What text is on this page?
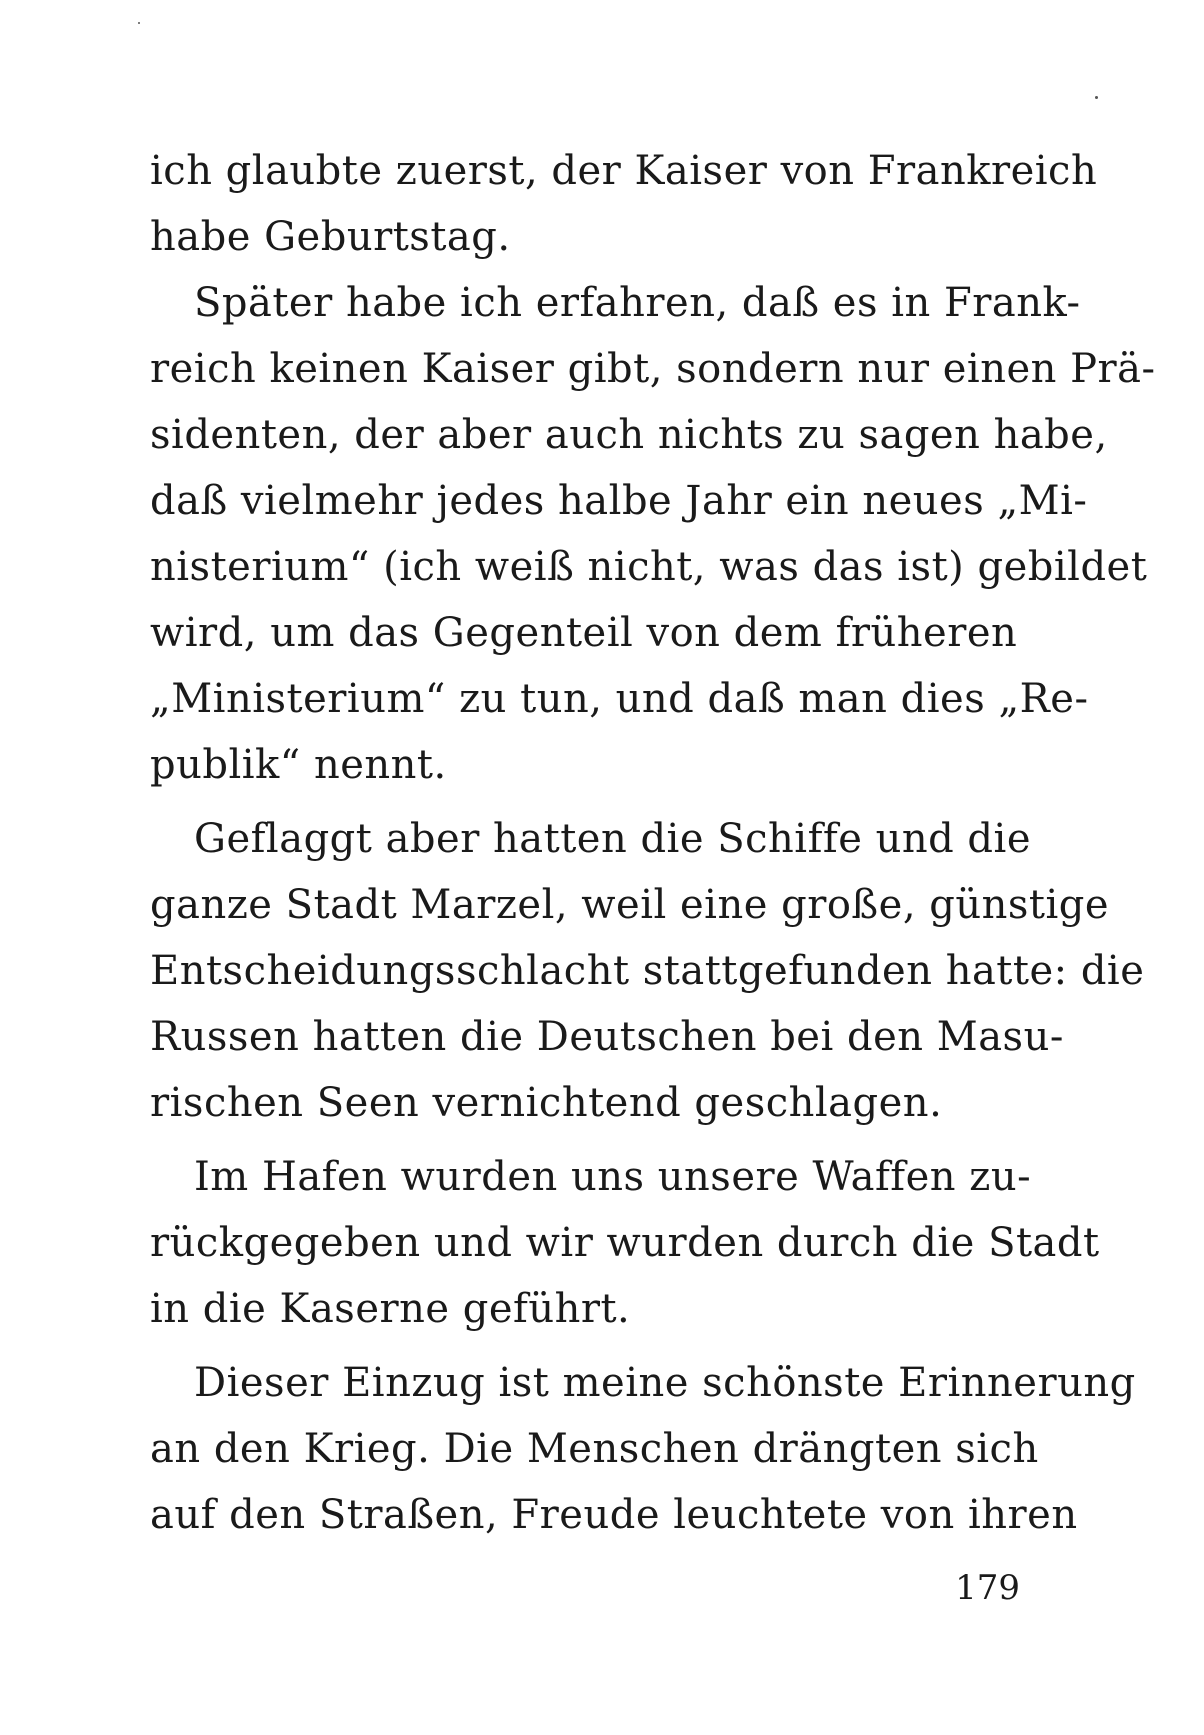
ich glaubte zuerst, der Kaiser von Frankreich
habe Geburtstag.
Später habe ich erfahren, daß es in Frank-
reich keinen Kaiser gibt, sondern nur einen Prä-
sidenten, der aber auch nichts zu sagen habe,
daß vielmehr jedes halbe Jahr ein neues „Mi-
nisterium“ (ich weiß nicht, was das ist) gebildet
wird, um das Gegenteil von dem früheren
„Ministerium“ zu tun, und daß man dies „Re-
publik“ nennt.
Geflaggt aber hatten die Schiffe und die
ganze Stadt Marzel, weil eine große, günstige
Entscheidungsschlacht stattgefunden hatte: die
Russen hatten die Deutschen bei den Masu-
rischen Seen vernichtend geschlagen.
Im Hafen wurden uns unsere Waffen zu-
rückgegeben und wir wurden durch die Stadt
in die Kaserne geführt.
Dieser Einzug ist meine schönste Erinnerung
an den Krieg. Die Menschen drängten sich
auf den Straßen, Freude leuchtete von ihren
179
